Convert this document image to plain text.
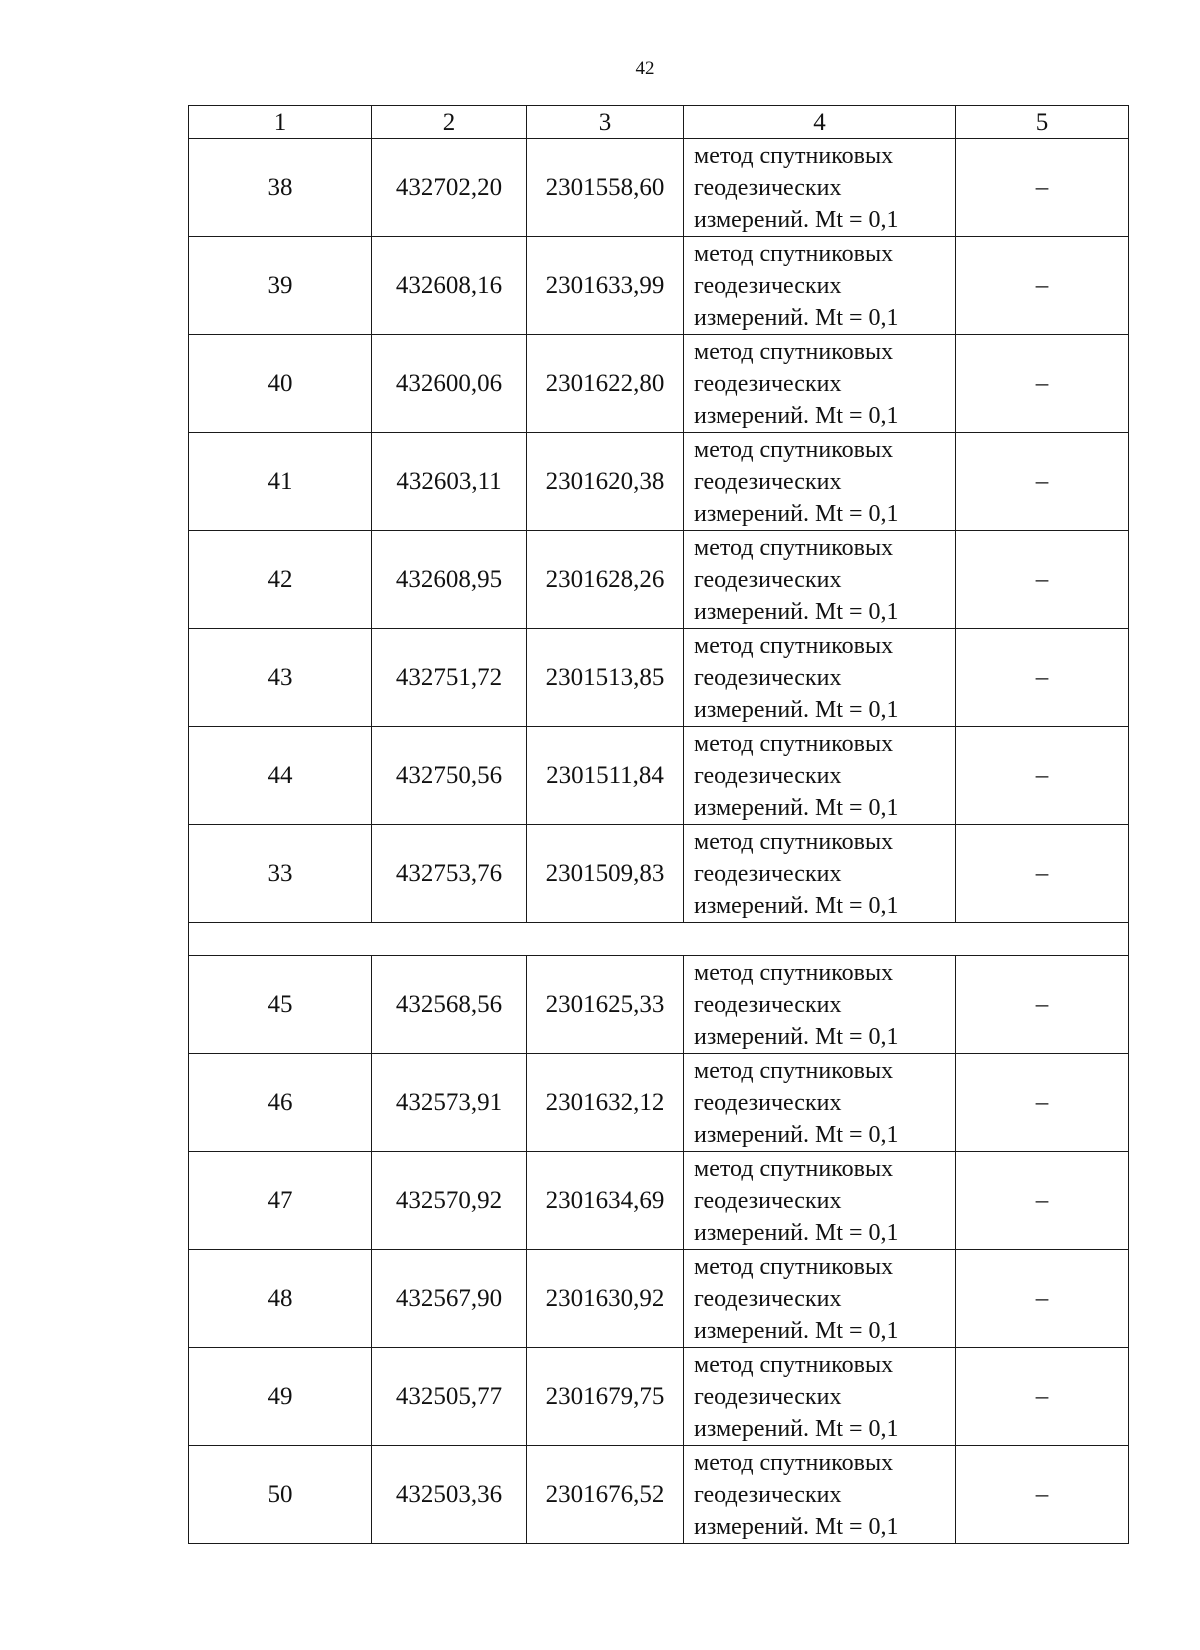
42
1	2	3	4	5
38	432702,20	2301558,60	метод спутниковых
геодезических
измерений. Mt = 0,1	–
39	432608,16	2301633,99	метод спутниковых
геодезических
измерений. Mt = 0,1	–
40	432600,06	2301622,80	метод спутниковых
геодезических
измерений. Mt = 0,1	–
41	432603,11	2301620,38	метод спутниковых
геодезических
измерений. Mt = 0,1	–
42	432608,95	2301628,26	метод спутниковых
геодезических
измерений. Mt = 0,1	–
43	432751,72	2301513,85	метод спутниковых
геодезических
измерений. Mt = 0,1	–
44	432750,56	2301511,84	метод спутниковых
геодезических
измерений. Mt = 0,1	–
33	432753,76	2301509,83	метод спутниковых
геодезических
измерений. Mt = 0,1	–

45	432568,56	2301625,33	метод спутниковых
геодезических
измерений. Mt = 0,1	–
46	432573,91	2301632,12	метод спутниковых
геодезических
измерений. Mt = 0,1	–
47	432570,92	2301634,69	метод спутниковых
геодезических
измерений. Mt = 0,1	–
48	432567,90	2301630,92	метод спутниковых
геодезических
измерений. Mt = 0,1	–
49	432505,77	2301679,75	метод спутниковых
геодезических
измерений. Mt = 0,1	–
50	432503,36	2301676,52	метод спутниковых
геодезических
измерений. Mt = 0,1	–
